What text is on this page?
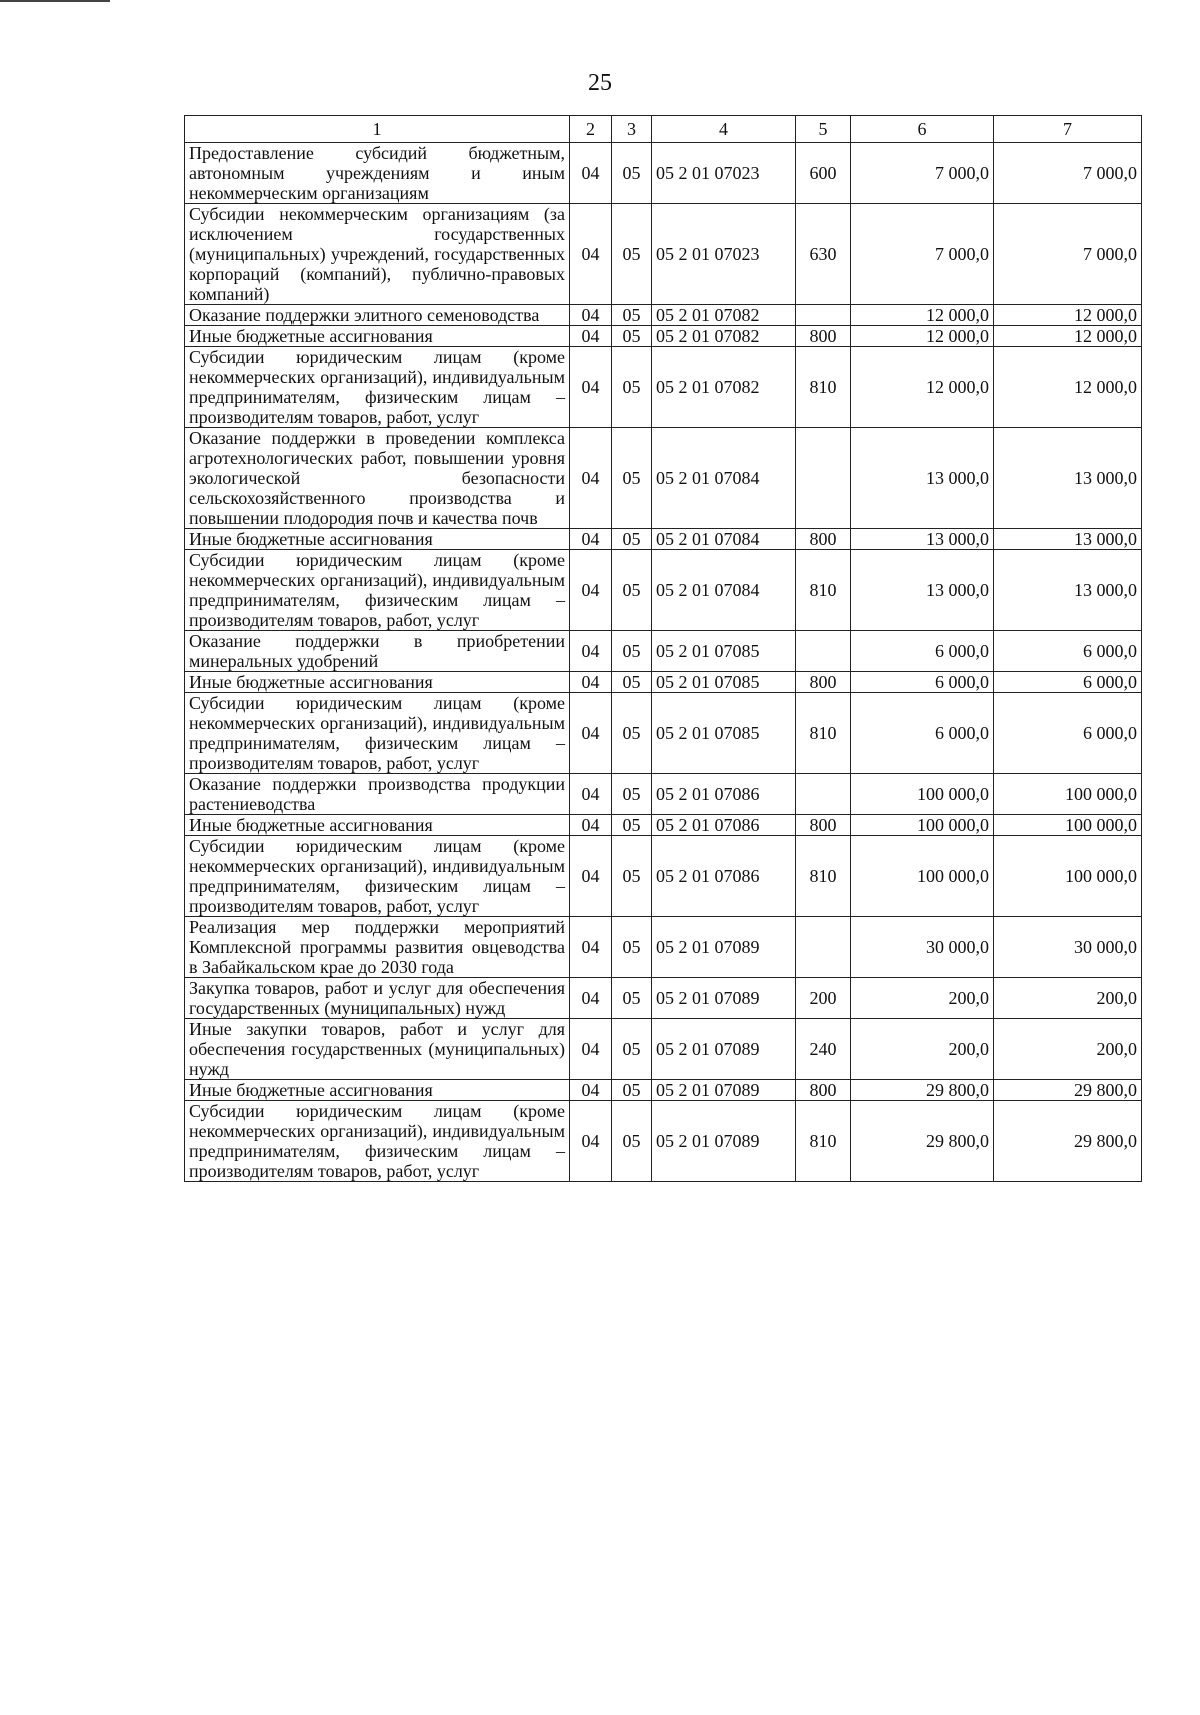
25
1	2	3	4	5	6	7
Предоставление субсидий бюджетным, автономным учреждениям и иным некоммерческим организациям	04	05	05 2 01 07023	600	7 000,0	7 000,0
Субсидии некоммерческим организациям (за исключением государственных (муниципальных) учреждений, государственных корпораций (компаний), публично-правовых компаний)	04	05	05 2 01 07023	630	7 000,0	7 000,0
Оказание поддержки элитного семеноводства	04	05	05 2 01 07082		12 000,0	12 000,0
Иные бюджетные ассигнования	04	05	05 2 01 07082	800	12 000,0	12 000,0
Субсидии юридическим лицам (кроме некоммерческих организаций), индивидуальным предпринимателям, физическим лицам – производителям товаров, работ, услуг	04	05	05 2 01 07082	810	12 000,0	12 000,0
Оказание поддержки в проведении комплекса агротехнологических работ, повышении уровня экологической безопасности сельскохозяйственного производства и повышении плодородия почв и качества почв	04	05	05 2 01 07084		13 000,0	13 000,0
Иные бюджетные ассигнования	04	05	05 2 01 07084	800	13 000,0	13 000,0
Субсидии юридическим лицам (кроме некоммерческих организаций), индивидуальным предпринимателям, физическим лицам – производителям товаров, работ, услуг	04	05	05 2 01 07084	810	13 000,0	13 000,0
Оказание поддержки в приобретении минеральных удобрений	04	05	05 2 01 07085		6 000,0	6 000,0
Иные бюджетные ассигнования	04	05	05 2 01 07085	800	6 000,0	6 000,0
Субсидии юридическим лицам (кроме некоммерческих организаций), индивидуальным предпринимателям, физическим лицам – производителям товаров, работ, услуг	04	05	05 2 01 07085	810	6 000,0	6 000,0
Оказание поддержки производства продукции растениеводства	04	05	05 2 01 07086		100 000,0	100 000,0
Иные бюджетные ассигнования	04	05	05 2 01 07086	800	100 000,0	100 000,0
Субсидии юридическим лицам (кроме некоммерческих организаций), индивидуальным предпринимателям, физическим лицам – производителям товаров, работ, услуг	04	05	05 2 01 07086	810	100 000,0	100 000,0
Реализация мер поддержки мероприятий Комплексной программы развития овцеводства в Забайкальском крае до 2030 года	04	05	05 2 01 07089		30 000,0	30 000,0
Закупка товаров, работ и услуг для обеспечения государственных (муниципальных) нужд	04	05	05 2 01 07089	200	200,0	200,0
Иные закупки товаров, работ и услуг для обеспечения государственных (муниципальных) нужд	04	05	05 2 01 07089	240	200,0	200,0
Иные бюджетные ассигнования	04	05	05 2 01 07089	800	29 800,0	29 800,0
Субсидии юридическим лицам (кроме некоммерческих организаций), индивидуальным предпринимателям, физическим лицам – производителям товаров, работ, услуг	04	05	05 2 01 07089	810	29 800,0	29 800,0
